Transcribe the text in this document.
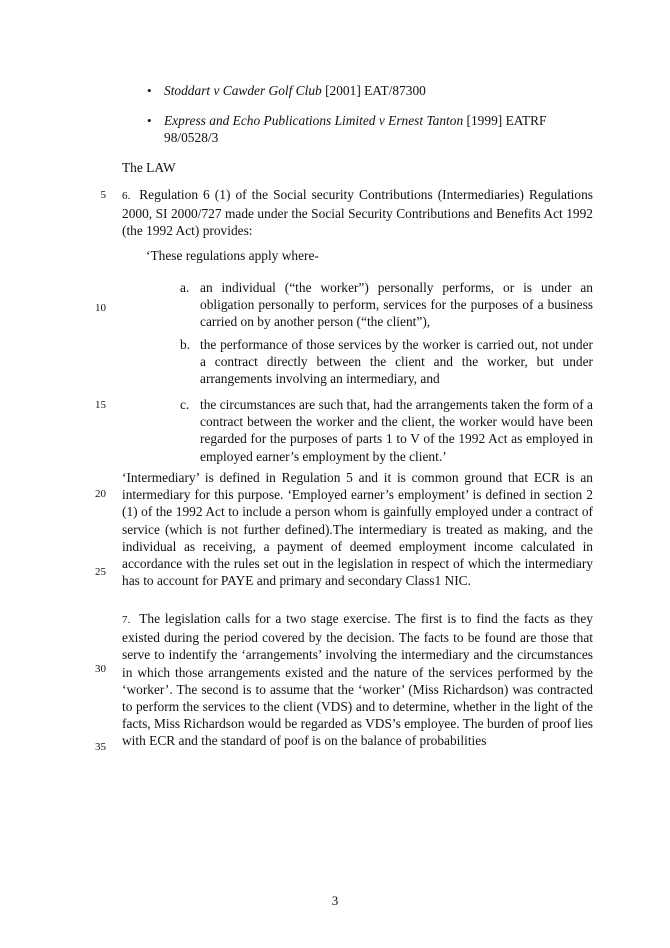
5
10
15
20
25
30
35
• Stoddart v Cawder Golf Club [2001] EAT/87300
• Express and Echo Publications Limited v Ernest Tanton [1999] EATRF 98/0528/3
The LAW
6. Regulation 6 (1) of the Social security Contributions (Intermediaries) Regulations 2000, SI 2000/727 made under the Social Security Contributions and Benefits Act 1992 (the 1992 Act) provides:
‘These regulations apply where-
a. an individual (“the worker”) personally performs, or is under an obligation personally to perform, services for the purposes of a business carried on by another person (“the client”),
b. the performance of those services by the worker is carried out, not under a contract directly between the client and the worker, but under arrangements involving an intermediary, and
c. the circumstances are such that, had the arrangements taken the form of a contract between the worker and the client, the worker would have been regarded for the purposes of parts 1 to V of the 1992 Act as employed in employed earner’s employment by the client.’
‘Intermediary’ is defined in Regulation 5 and it is common ground that ECR is an intermediary for this purpose. ‘Employed earner’s employment’ is defined in section 2 (1) of the 1992 Act to include a person whom is gainfully employed under a contract of service (which is not further defined).The intermediary is treated as making, and the individual as receiving, a payment of deemed employment income calculated in accordance with the rules set out in the legislation in respect of which the intermediary has to account for PAYE and primary and secondary Class1 NIC.
7. The legislation calls for a two stage exercise. The first is to find the facts as they existed during the period covered by the decision. The facts to be found are those that serve to indentify the ‘arrangements’ involving the intermediary and the circumstances in which those arrangements existed and the nature of the services performed by the ‘worker’. The second is to assume that the ‘worker’ (Miss Richardson) was contracted to perform the services to the client (VDS) and to determine, whether in the light of the facts, Miss Richardson would be regarded as VDS’s employee. The burden of proof lies with ECR and the standard of poof is on the balance of probabilities
3
